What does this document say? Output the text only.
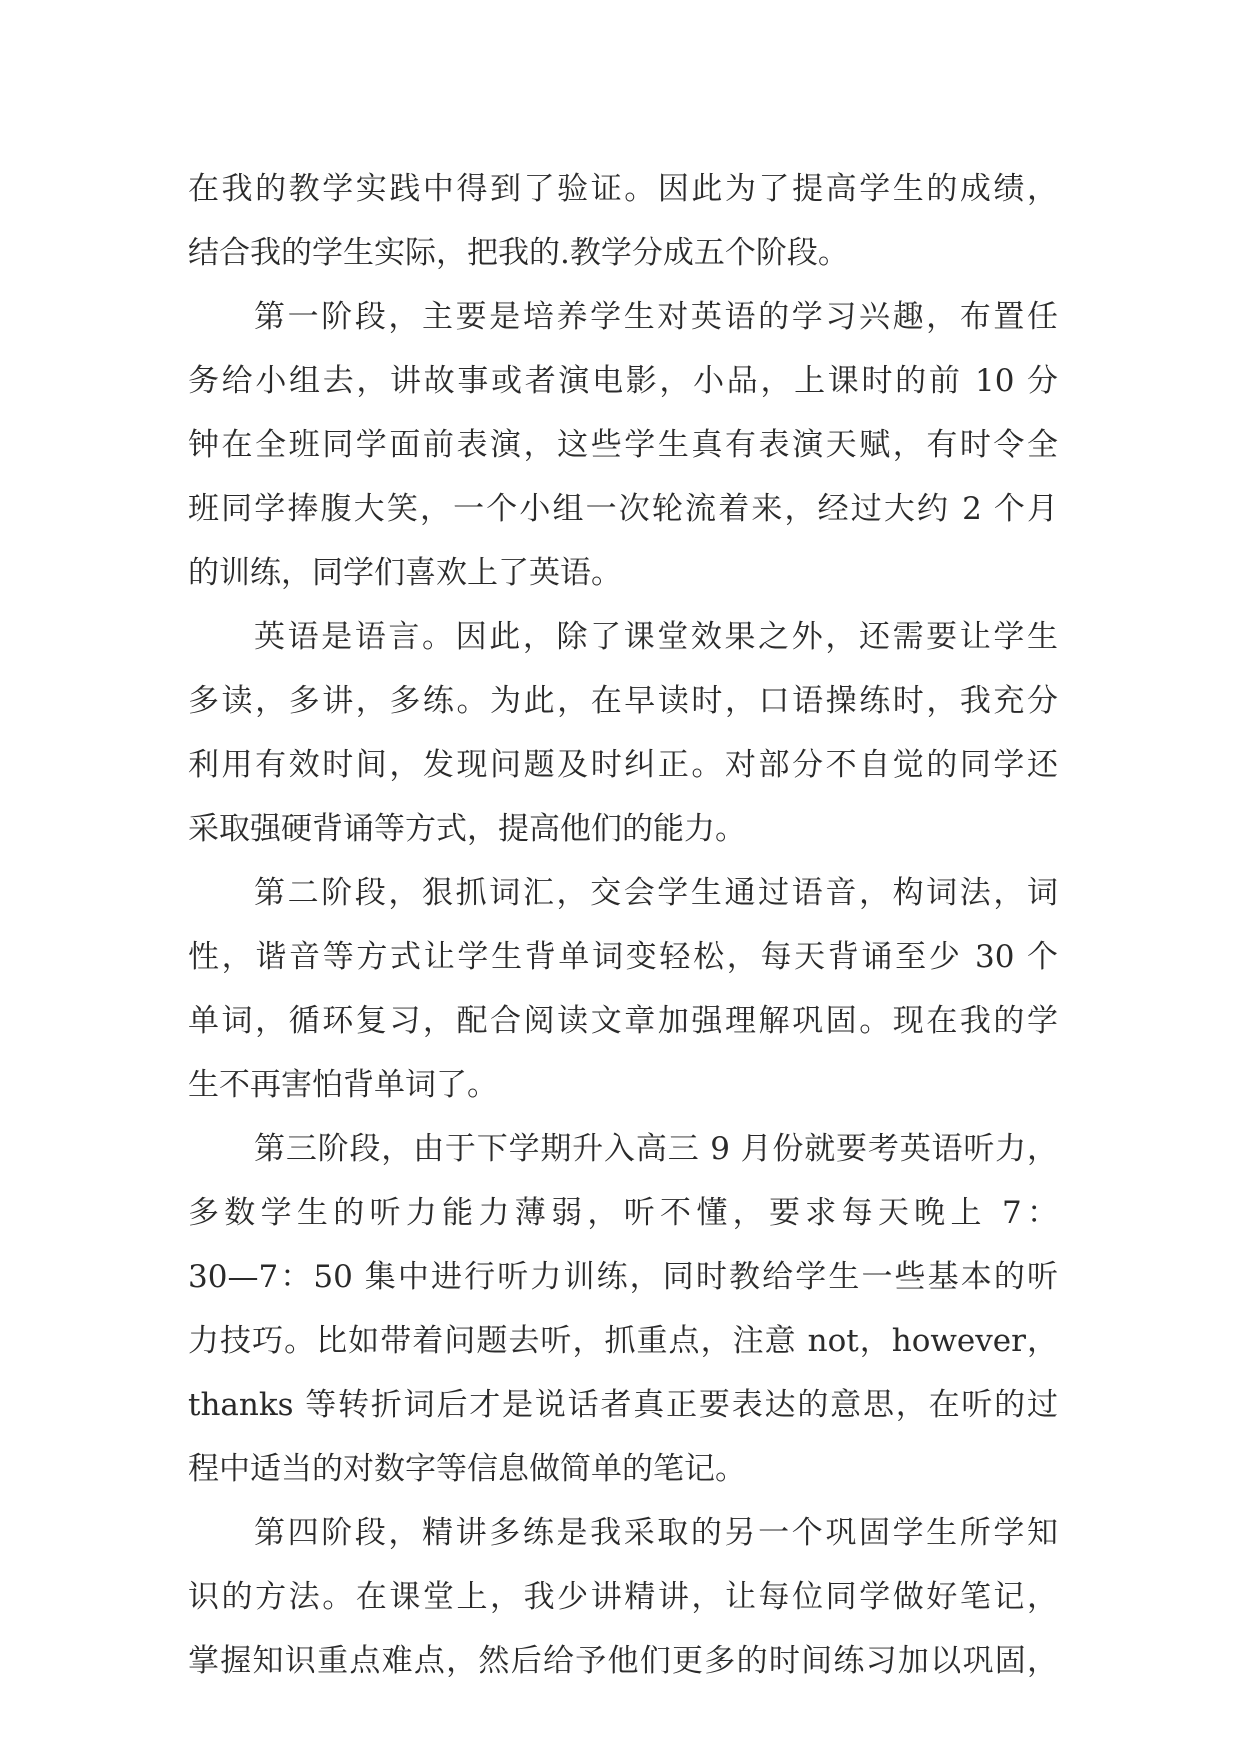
在我的教学实践中得到了验证。因此为了提高学生的成绩，
结合我的学生实际，把我的.教学分成五个阶段。
第一阶段，主要是培养学生对英语的学习兴趣，布置任
务给小组去，讲故事或者演电影，小品，上课时的前 10 分
钟在全班同学面前表演，这些学生真有表演天赋，有时令全
班同学捧腹大笑，一个小组一次轮流着来，经过大约 2 个月
的训练，同学们喜欢上了英语。
英语是语言。因此，除了课堂效果之外，还需要让学生
多读，多讲，多练。为此，在早读时，口语操练时，我充分
利用有效时间，发现问题及时纠正。对部分不自觉的同学还
采取强硬背诵等方式，提高他们的能力。
第二阶段，狠抓词汇，交会学生通过语音，构词法，词
性，谐音等方式让学生背单词变轻松，每天背诵至少 30 个
单词，循环复习，配合阅读文章加强理解巩固。现在我的学
生不再害怕背单词了。
第三阶段，由于下学期升入高三 9 月份就要考英语听力，
多数学生的听力能力薄弱，听不懂，要求每天晚上 7：
30—7：50 集中进行听力训练，同时教给学生一些基本的听
力技巧。比如带着问题去听，抓重点，注意 not，however，
thanks 等转折词后才是说话者真正要表达的意思，在听的过
程中适当的对数字等信息做简单的笔记。
第四阶段，精讲多练是我采取的另一个巩固学生所学知
识的方法。在课堂上，我少讲精讲，让每位同学做好笔记，
掌握知识重点难点，然后给予他们更多的时间练习加以巩固，
